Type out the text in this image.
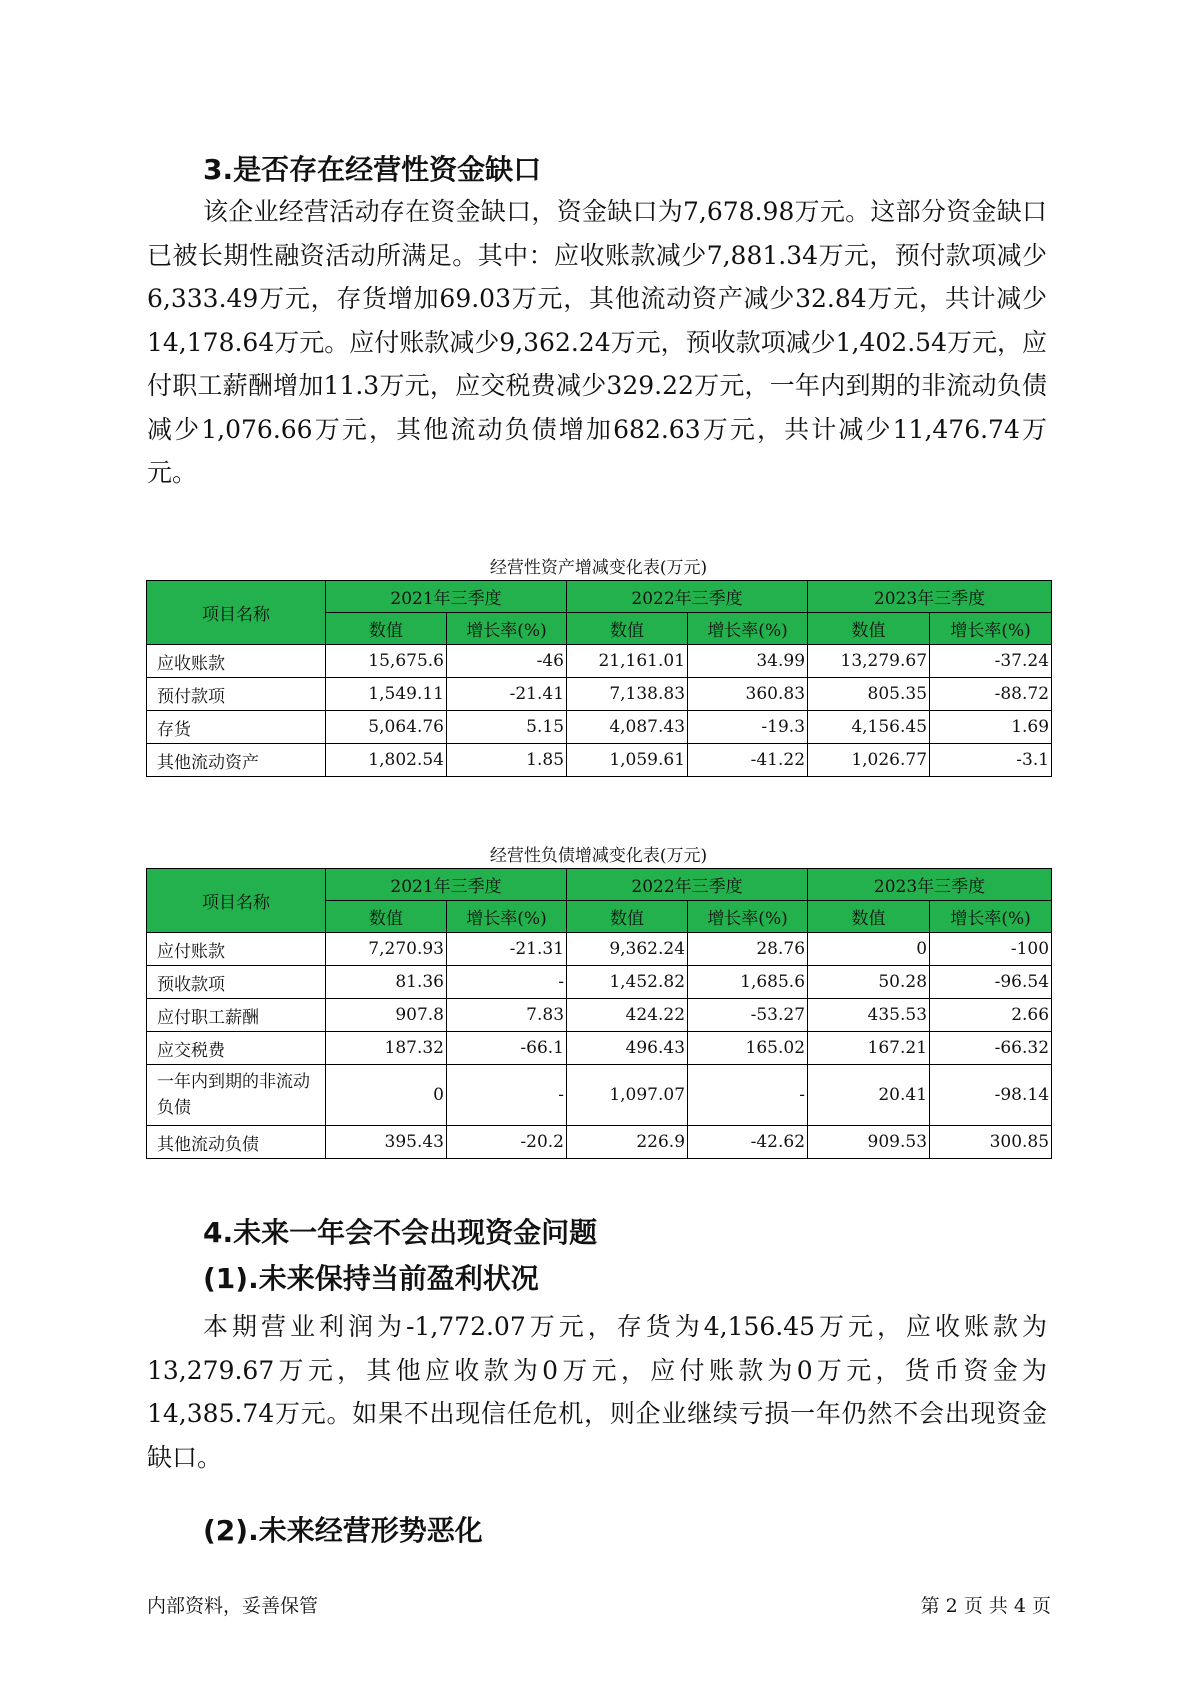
3.是否存在经营性资金缺口

该企业经营活动存在资金缺口，资金缺口为7,678.98万元。这部分资金缺口已被长期性融资活动所满足。其中：应收账款减少7,881.34万元，预付款项减少6,333.49万元，存货增加69.03万元，其他流动资产减少32.84万元，共计减少14,178.64万元。应付账款减少9,362.24万元，预收款项减少1,402.54万元，应付职工薪酬增加11.3万元，应交税费减少329.22万元，一年内到期的非流动负债减少1,076.66万元，其他流动负债增加682.63万元，共计减少11,476.74万元。

经营性资产增减变化表(万元)
项目名称	2021年三季度		2022年三季度		2023年三季度	
	数值	增长率(%)	数值	增长率(%)	数值	增长率(%)
应收账款	15,675.6	-46	21,161.01	34.99	13,279.67	-37.24
预付款项	1,549.11	-21.41	7,138.83	360.83	805.35	-88.72
存货	5,064.76	5.15	4,087.43	-19.3	4,156.45	1.69
其他流动资产	1,802.54	1.85	1,059.61	-41.22	1,026.77	-3.1
经营性负债增减变化表(万元)
项目名称	2021年三季度		2022年三季度		2023年三季度	
	数值	增长率(%)	数值	增长率(%)	数值	增长率(%)
应付账款	7,270.93	-21.31	9,362.24	28.76	0	-100
预收款项	81.36	-	1,452.82	1,685.6	50.28	-96.54
应付职工薪酬	907.8	7.83	424.22	-53.27	435.53	2.66
应交税费	187.32	-66.1	496.43	165.02	167.21	-66.32
一年内到期的非流动负债	0	-	1,097.07	-	20.41	-98.14
其他流动负债	395.43	-20.2	226.9	-42.62	909.53	300.85
4.未来一年会不会出现资金问题
(1).未来保持当前盈利状况

本期营业利润为-1,772.07万元，存货为4,156.45万元，应收账款为13,279.67万元，其他应收款为0万元，应付账款为0万元，货币资金为14,385.74万元。如果不出现信任危机，则企业继续亏损一年仍然不会出现资金缺口。

(2).未来经营形势恶化
内部资料，妥善保管	第 2 页 共 4 页
